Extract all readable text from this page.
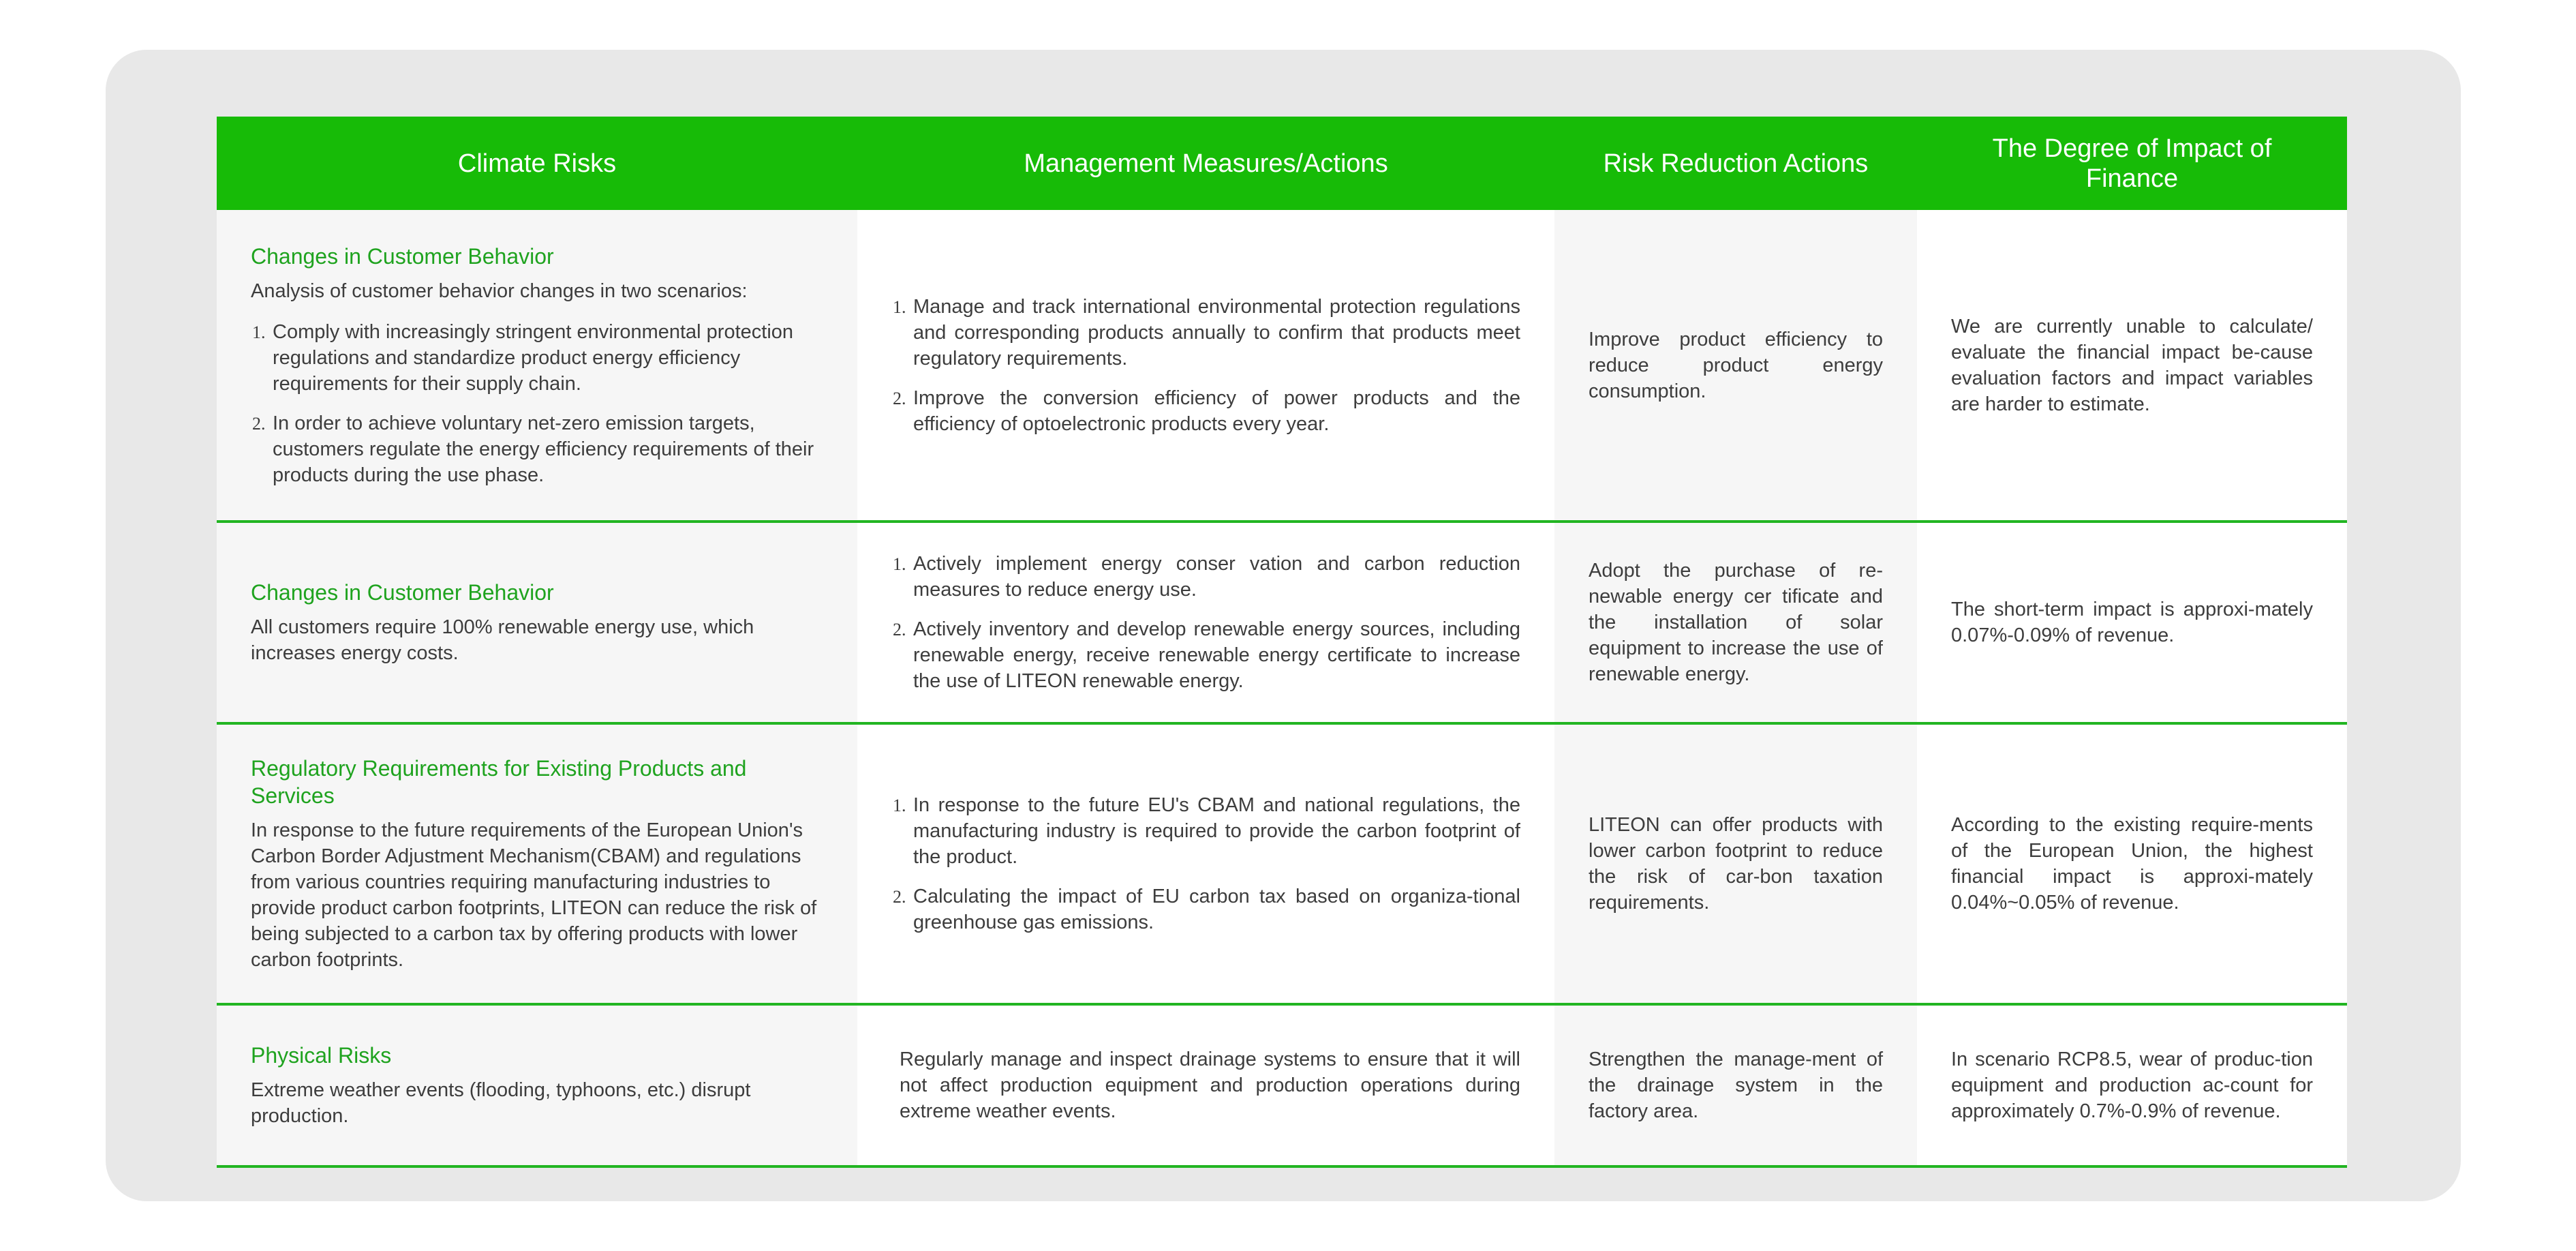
Climate Risks	Management Measures/Actions	Risk Reduction Actions
The Degree of Impact of Finance
Changes in Customer Behavior
Analysis of customer behavior changes in two scenarios:
1. Comply with increasingly stringent environmental protection regulations and standardize product energy efficiency requirements for their supply chain.
2. In order to achieve voluntary net-zero emission targets, customers regulate the energy efficiency requirements of their products during the use phase.
1. Manage and track international environmental protection regulations and corresponding products annually to confirm that products meet regulatory requirements.
2. Improve the conversion efficiency of power products and the efficiency of optoelectronic products every year.
Improve product efficiency to reduce product energy consumption.
We are currently unable to calculate/ evaluate the financial impact be-cause evaluation factors and impact variables are harder to estimate.
Changes in Customer Behavior
All customers require 100% renewable energy use, which increases energy costs.
1. Actively implement energy conser vation and carbon reduction measures to reduce energy use.
2. Actively inventory and develop renewable energy sources, including renewable energy, receive renewable energy certificate to increase the use of LITEON renewable energy.
Adopt the purchase of re-newable energy cer tificate and the installation of solar equipment to increase the use of renewable energy.
The short-term impact is approxi-mately 0.07%-0.09% of revenue.
Regulatory Requirements for Existing Products and Services
In response to the future requirements of the European Union's Carbon Border Adjustment Mechanism(CBAM) and regulations from various countries requiring manufacturing industries to provide product carbon footprints, LITEON can reduce the risk of being subjected to a carbon tax by offering products with lower carbon footprints.
1. In response to the future EU's CBAM and national regulations, the manufacturing industry is required to provide the carbon footprint of the product.
2. Calculating the impact of EU carbon tax based on organiza-tional greenhouse gas emissions.
LITEON can offer products with lower carbon footprint to reduce the risk of car-bon taxation requirements.
According to the existing require-ments of the European Union, the highest financial impact is approxi-mately 0.04%~0.05% of revenue.
Physical Risks
Extreme weather events (flooding, typhoons, etc.) disrupt production.
Regularly manage and inspect drainage systems to ensure that it will not affect production equipment and production operations during extreme weather events.
Strengthen the manage-ment of the drainage system in the factory area.
In scenario RCP8.5, wear of produc-tion equipment and production ac-count for approximately 0.7%-0.9% of revenue.
